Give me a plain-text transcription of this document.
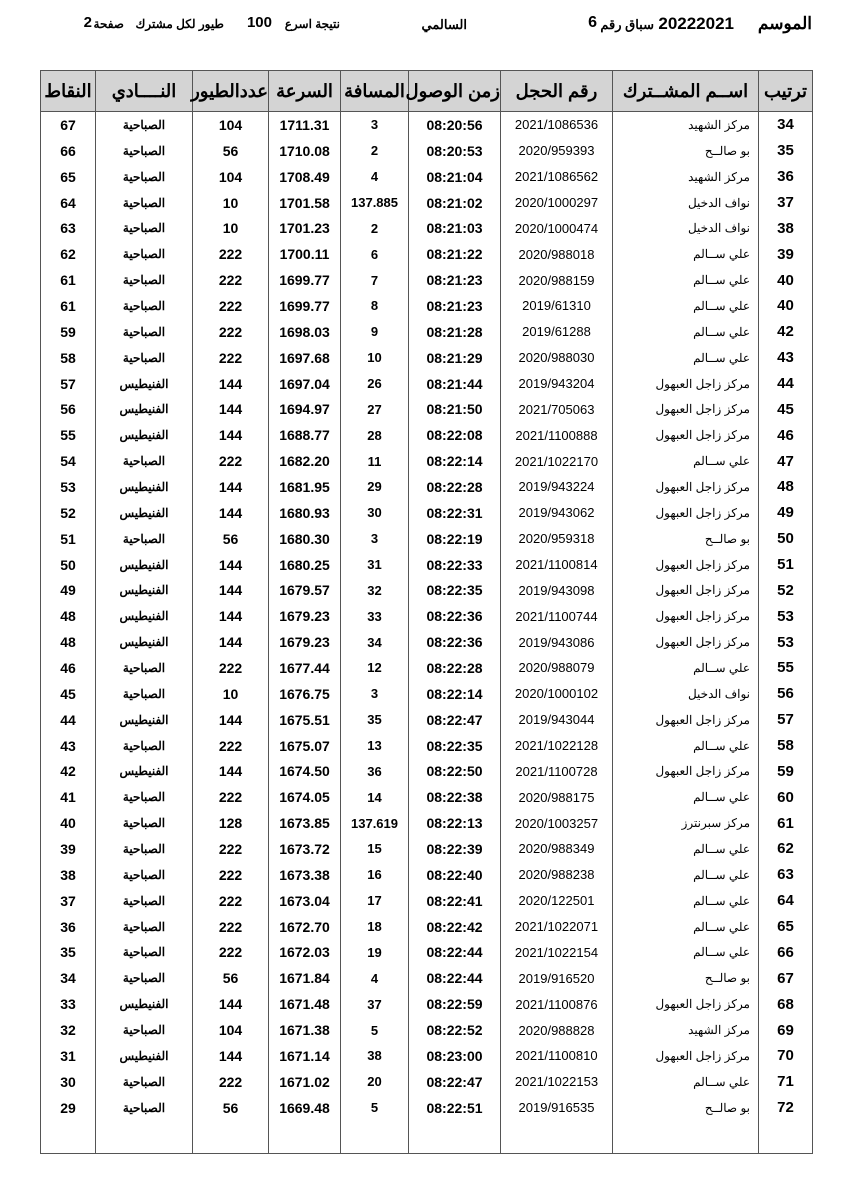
الموسم
20222021
سباق رقم
6
السالمي
نتيجة اسرع
100
طيور لكل مشترك
صفحة
2
ترتيب	اســم المشــترك	رقم الحجل	زمن الوصول	المسافة	السرعة	عددالطيور	النــــادي	النقاط
34	مركز الشهيد	2021/1086536	08:20:56	3	1711.31	104	الصباحية	67
35	بو صالــح	2020/959393	08:20:53	2	1710.08	56	الصباحية	66
36	مركز الشهيد	2021/1086562	08:21:04	4	1708.49	104	الصباحية	65
37	نواف الدخيل	2020/1000297	08:21:02	137.885	1701.58	10	الصباحية	64
38	نواف الدخيل	2020/1000474	08:21:03	2	1701.23	10	الصباحية	63
39	علي ســالم	2020/988018	08:21:22	6	1700.11	222	الصباحية	62
40	علي ســالم	2020/988159	08:21:23	7	1699.77	222	الصباحية	61
40	علي ســالم	2019/61310	08:21:23	8	1699.77	222	الصباحية	61
42	علي ســالم	2019/61288	08:21:28	9	1698.03	222	الصباحية	59
43	علي ســالم	2020/988030	08:21:29	10	1697.68	222	الصباحية	58
44	مركز زاجل العبهول	2019/943204	08:21:44	26	1697.04	144	الفنيطيس	57
45	مركز زاجل العبهول	2021/705063	08:21:50	27	1694.97	144	الفنيطيس	56
46	مركز زاجل العبهول	2021/1100888	08:22:08	28	1688.77	144	الفنيطيس	55
47	علي ســالم	2021/1022170	08:22:14	11	1682.20	222	الصباحية	54
48	مركز زاجل العبهول	2019/943224	08:22:28	29	1681.95	144	الفنيطيس	53
49	مركز زاجل العبهول	2019/943062	08:22:31	30	1680.93	144	الفنيطيس	52
50	بو صالــح	2020/959318	08:22:19	3	1680.30	56	الصباحية	51
51	مركز زاجل العبهول	2021/1100814	08:22:33	31	1680.25	144	الفنيطيس	50
52	مركز زاجل العبهول	2019/943098	08:22:35	32	1679.57	144	الفنيطيس	49
53	مركز زاجل العبهول	2021/1100744	08:22:36	33	1679.23	144	الفنيطيس	48
53	مركز زاجل العبهول	2019/943086	08:22:36	34	1679.23	144	الفنيطيس	48
55	علي ســالم	2020/988079	08:22:28	12	1677.44	222	الصباحية	46
56	نواف الدخيل	2020/1000102	08:22:14	3	1676.75	10	الصباحية	45
57	مركز زاجل العبهول	2019/943044	08:22:47	35	1675.51	144	الفنيطيس	44
58	علي ســالم	2021/1022128	08:22:35	13	1675.07	222	الصباحية	43
59	مركز زاجل العبهول	2021/1100728	08:22:50	36	1674.50	144	الفنيطيس	42
60	علي ســالم	2020/988175	08:22:38	14	1674.05	222	الصباحية	41
61	مركز سبرنترز	2020/1003257	08:22:13	137.619	1673.85	128	الصباحية	40
62	علي ســالم	2020/988349	08:22:39	15	1673.72	222	الصباحية	39
63	علي ســالم	2020/988238	08:22:40	16	1673.38	222	الصباحية	38
64	علي ســالم	2020/122501	08:22:41	17	1673.04	222	الصباحية	37
65	علي ســالم	2021/1022071	08:22:42	18	1672.70	222	الصباحية	36
66	علي ســالم	2021/1022154	08:22:44	19	1672.03	222	الصباحية	35
67	بو صالــح	2019/916520	08:22:44	4	1671.84	56	الصباحية	34
68	مركز زاجل العبهول	2021/1100876	08:22:59	37	1671.48	144	الفنيطيس	33
69	مركز الشهيد	2020/988828	08:22:52	5	1671.38	104	الصباحية	32
70	مركز زاجل العبهول	2021/1100810	08:23:00	38	1671.14	144	الفنيطيس	31
71	علي ســالم	2021/1022153	08:22:47	20	1671.02	222	الصباحية	30
72	بو صالــح	2019/916535	08:22:51	5	1669.48	56	الصباحية	29
